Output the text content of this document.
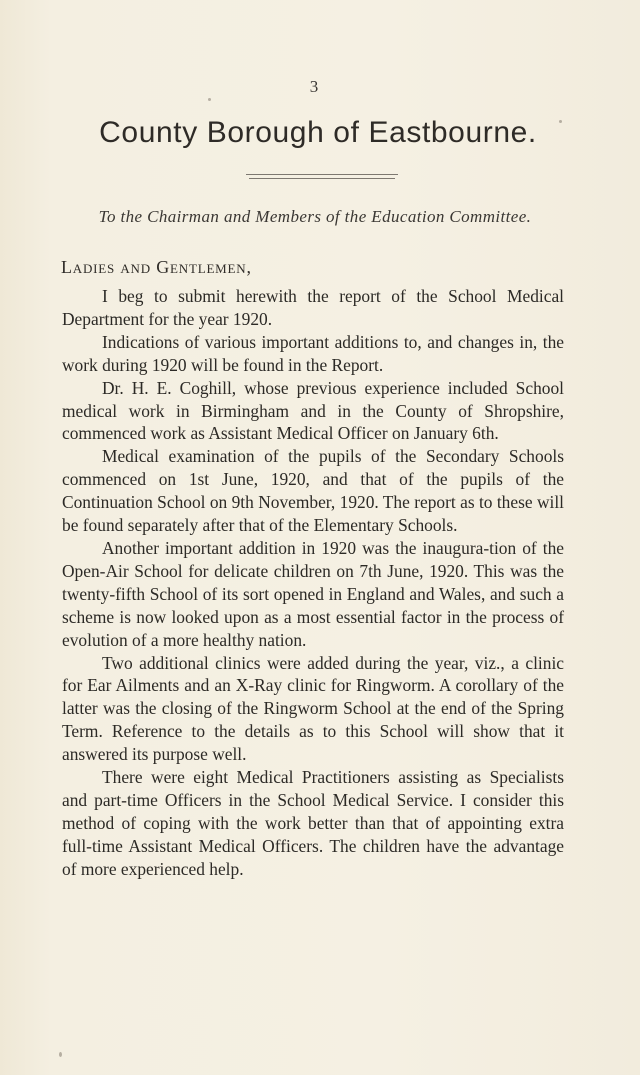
3
County Borough of Eastbourne.
To the Chairman and Members of the Education Committee.
Ladies and Gentlemen,

I beg to submit herewith the report of the School Medical Department for the year 1920.

Indications of various important additions to, and changes in, the work during 1920 will be found in the Report.

Dr. H. E. Coghill, whose previous experience included School medical work in Birmingham and in the County of Shropshire, commenced work as Assistant Medical Officer on January 6th.

Medical examination of the pupils of the Secondary Schools commenced on 1st June, 1920, and that of the pupils of the Continuation School on 9th November, 1920. The report as to these will be found separately after that of the Elementary Schools.

Another important addition in 1920 was the inaugura-tion of the Open-Air School for delicate children on 7th June, 1920. This was the twenty-fifth School of its sort opened in England and Wales, and such a scheme is now looked upon as a most essential factor in the process of evolution of a more healthy nation.

Two additional clinics were added during the year, viz., a clinic for Ear Ailments and an X-Ray clinic for Ringworm. A corollary of the latter was the closing of the Ringworm School at the end of the Spring Term. Reference to the details as to this School will show that it answered its purpose well.

There were eight Medical Practitioners assisting as Specialists and part-time Officers in the School Medical Service. I consider this method of coping with the work better than that of appointing extra full-time Assistant Medical Officers. The children have the advantage of more experienced help.
